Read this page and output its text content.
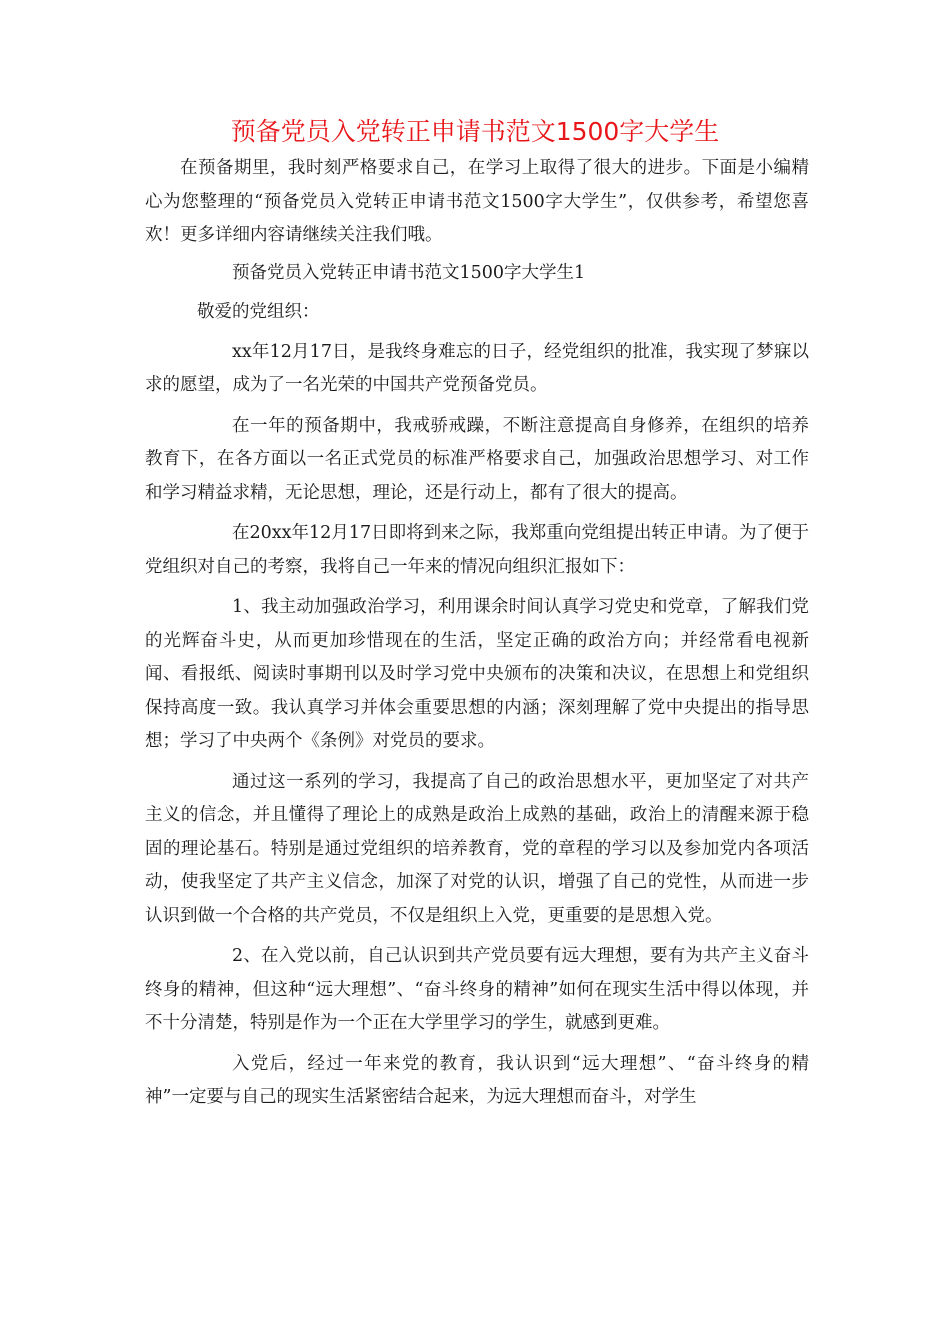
预备党员入党转正申请书范文1500字大学生

在预备期里，我时刻严格要求自己，在学习上取得了很大的进步。下面是小编精心为您整理的“预备党员入党转正申请书范文1500字大学生”，仅供参考，希望您喜欢！更多详细内容请继续关注我们哦。

预备党员入党转正申请书范文1500字大学生1

敬爱的党组织：

xx年12月17日，是我终身难忘的日子，经党组织的批准，我实现了梦寐以求的愿望，成为了一名光荣的中国共产党预备党员。

在一年的预备期中，我戒骄戒躁，不断注意提高自身修养，在组织的培养教育下，在各方面以一名正式党员的标准严格要求自己，加强政治思想学习、对工作和学习精益求精，无论思想，理论，还是行动上，都有了很大的提高。

在20xx年12月17日即将到来之际，我郑重向党组提出转正申请。为了便于党组织对自己的考察，我将自己一年来的情况向组织汇报如下：

1、我主动加强政治学习，利用课余时间认真学习党史和党章，了解我们党的光辉奋斗史，从而更加珍惜现在的生活，坚定正确的政治方向；并经常看电视新闻、看报纸、阅读时事期刊以及时学习党中央颁布的决策和决议，在思想上和党组织保持高度一致。我认真学习并体会重要思想的内涵；深刻理解了党中央提出的指导思想；学习了中央两个《条例》对党员的要求。

通过这一系列的学习，我提高了自己的政治思想水平，更加坚定了对共产主义的信念，并且懂得了理论上的成熟是政治上成熟的基础，政治上的清醒来源于稳固的理论基石。特别是通过党组织的培养教育，党的章程的学习以及参加党内各项活动，使我坚定了共产主义信念，加深了对党的认识，增强了自己的党性，从而进一步认识到做一个合格的共产党员，不仅是组织上入党，更重要的是思想入党。

2、在入党以前，自己认识到共产党员要有远大理想，要有为共产主义奋斗终身的精神，但这种“远大理想”、“奋斗终身的精神”如何在现实生活中得以体现，并不十分清楚，特别是作为一个正在大学里学习的学生，就感到更难。

入党后，经过一年来党的教育，我认识到“远大理想”、“奋斗终身的精神”一定要与自己的现实生活紧密结合起来，为远大理想而奋斗，对学生
